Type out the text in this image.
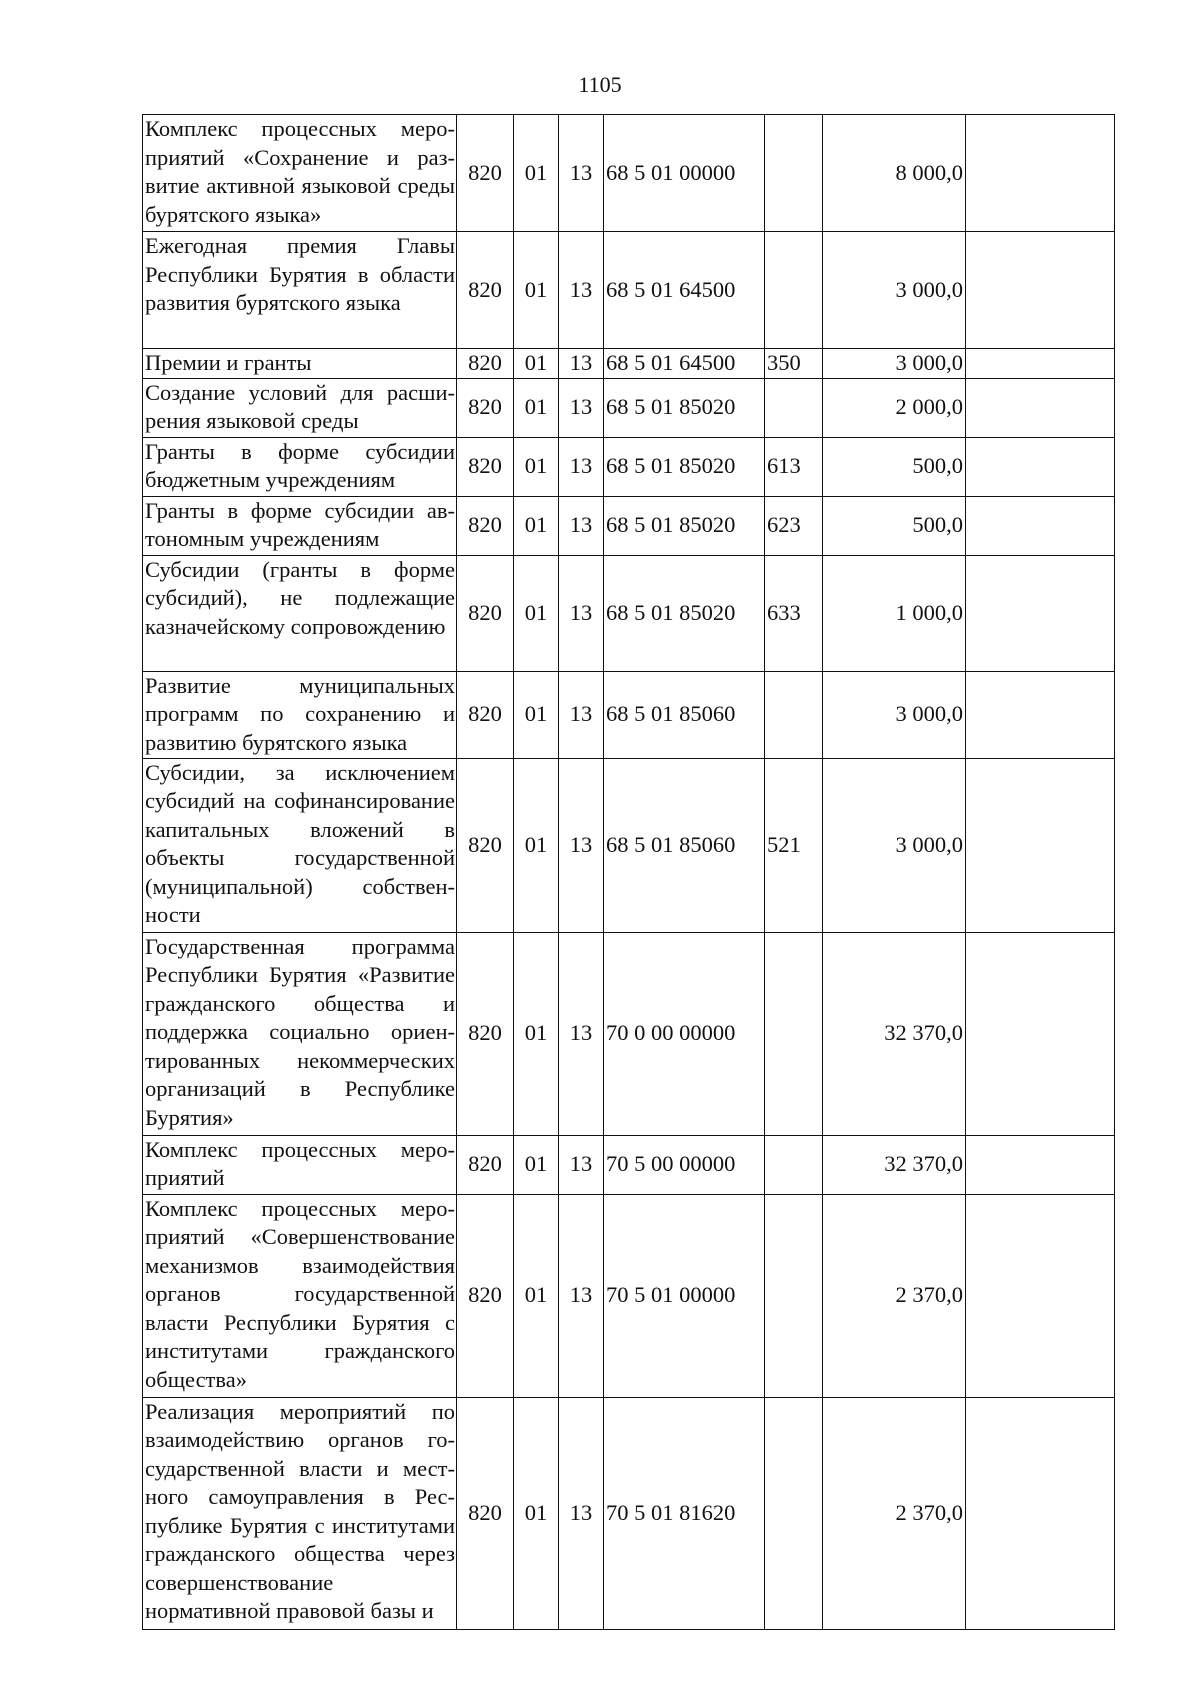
1105
Комплекс процессных мероприятий «Сохранение и развитие активной языковой среды бурятского языка»	820	01	13	68 5 01 00000		8 000,0	
Ежегодная премия Главы Республики Бурятия в области развития бурятского языка	820	01	13	68 5 01 64500		3 000,0	
Премии и гранты	820	01	13	68 5 01 64500	350	3 000,0	
Создание условий для расширения языковой среды	820	01	13	68 5 01 85020		2 000,0	
Гранты в форме субсидии бюджетным учреждениям	820	01	13	68 5 01 85020	613	500,0	
Гранты в форме субсидии автономным учреждениям	820	01	13	68 5 01 85020	623	500,0	
Субсидии (гранты в форме субсидий), не подлежащие казначейскому сопровождению	820	01	13	68 5 01 85020	633	1 000,0	
Развитие муниципальных программ по сохранению и развитию бурятского языка	820	01	13	68 5 01 85060		3 000,0	
Субсидии, за исключением субсидий на софинансирование капитальных вложений в объекты государственной (муниципальной) собственности	820	01	13	68 5 01 85060	521	3 000,0	
Государственная программа Республики Бурятия «Развитие гражданского общества и поддержка социально ориентированных некоммерческих организаций в Республике Бурятия»	820	01	13	70 0 00 00000		32 370,0	
Комплекс процессных мероприятий	820	01	13	70 5 00 00000		32 370,0	
Комплекс процессных мероприятий «Совершенствование механизмов взаимодействия органов государственной власти Республики Бурятия с институтами гражданского общества»	820	01	13	70 5 01 00000		2 370,0	
Реализация мероприятий по взаимодействию органов государственной власти и местного самоуправления в Республике Бурятия с институтами гражданского общества через совершенствование нормативной правовой базы и	820	01	13	70 5 01 81620		2 370,0	
